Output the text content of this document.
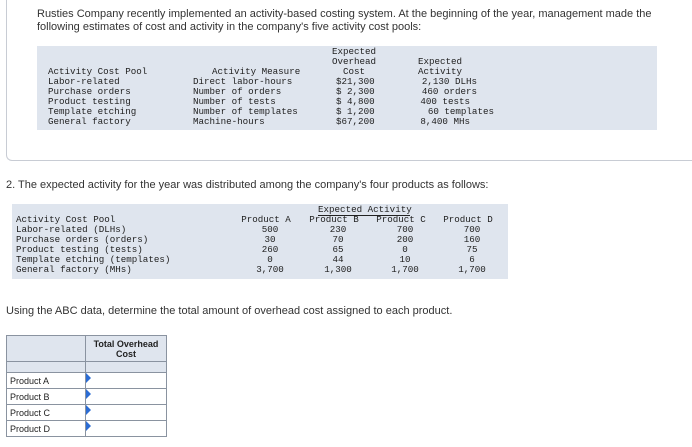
Rusties Company recently implemented an activity-based costing system. At the beginning of the year, management made the following estimates of cost and activity in the company's five activity cost pools:
Expected
Overhead
Cost
Expected
Activity
Activity Cost Pool	Activity Measure
Labor-related	Direct labor-hours	$21,300	2,130 DLHs
Purchase orders	Number of orders	$ 2,300	460 orders
Product testing	Number of tests	$ 4,800	400 tests
Template etching	Number of templates	$ 1,200	60 templates
General factory	Machine-hours	$67,200	8,400 MHs
2. The expected activity for the year was distributed among the company's four products as follows:
Expected Activity
Activity Cost Pool	Product A	Product B	Product C	Product D
Labor-related (DLHs)	500	230	700	700
Purchase orders (orders)	30	70	200	160
Product testing (tests)	260	65	0	75
Template etching (templates)	0	44	10	6
General factory (MHs)	3,700	1,300	1,700	1,700
Using the ABC data, determine the total amount of overhead cost assigned to each product.
	Total Overhead
Cost

Product A	

Product B	

Product C	

Product D	
